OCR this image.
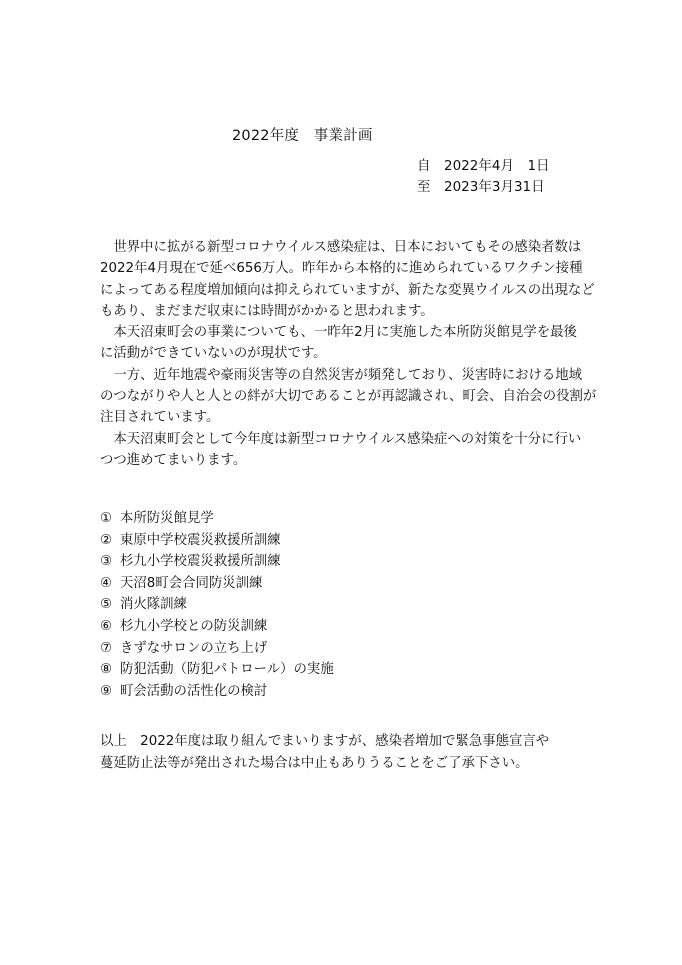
2022年度　事業計画
自　2022年4月　1日
至　2023年3月31日
　世界中に拡がる新型コロナウイルス感染症は、日本においてもその感染者数は
2022年4月現在で延べ656万人。昨年から本格的に進められているワクチン接種
によってある程度増加傾向は抑えられていますが、新たな変異ウイルスの出現など
もあり、まだまだ収束には時間がかかると思われます。
　本天沼東町会の事業についても、一昨年2月に実施した本所防災館見学を最後
に活動ができていないのが現状です。
　一方、近年地震や豪雨災害等の自然災害が頻発しており、災害時における地域
のつながりや人と人との絆が大切であることが再認識され、町会、自治会の役割が
注目されています。
　本天沼東町会として今年度は新型コロナウイルス感染症への対策を十分に行い
つつ進めてまいります。
① 本所防災館見学
② 東原中学校震災救援所訓練
③ 杉九小学校震災救援所訓練
④ 天沼8町会合同防災訓練
⑤ 消火隊訓練
⑥ 杉九小学校との防災訓練
⑦ きずなサロンの立ち上げ
⑧ 防犯活動（防犯パトロール）の実施
⑨ 町会活動の活性化の検討
以上　2022年度は取り組んでまいりますが、感染者増加で緊急事態宣言や
蔓延防止法等が発出された場合は中止もありうることをご了承下さい。
